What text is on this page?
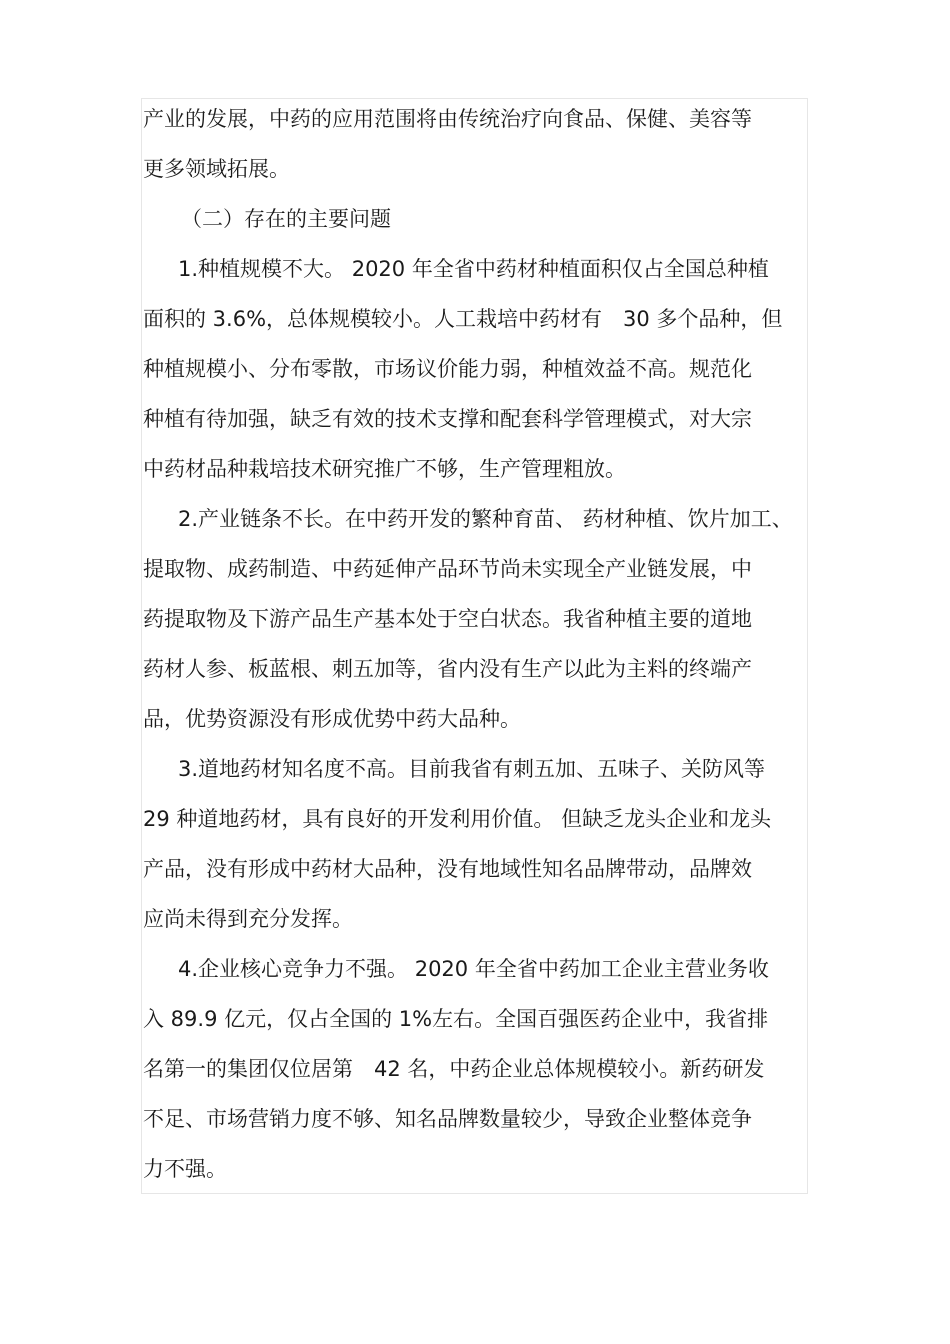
产业的发展，中药的应用范围将由传统治疗向食品、保健、美容等
更多领域拓展。
（二）存在的主要问题
1.种植规模不大。 2020 年全省中药材种植面积仅占全国总种植
面积的 3.6%，总体规模较小。人工栽培中药材有　30 多个品种，但
种植规模小、分布零散，市场议价能力弱，种植效益不高。规范化
种植有待加强，缺乏有效的技术支撑和配套科学管理模式，对大宗
中药材品种栽培技术研究推广不够，生产管理粗放。
2.产业链条不长。在中药开发的繁种育苗、 药材种植、饮片加工、
提取物、成药制造、中药延伸产品环节尚未实现全产业链发展，中
药提取物及下游产品生产基本处于空白状态。我省种植主要的道地
药材人参、板蓝根、刺五加等，省内没有生产以此为主料的终端产
品，优势资源没有形成优势中药大品种。
3.道地药材知名度不高。目前我省有刺五加、五味子、关防风等
29 种道地药材，具有良好的开发利用价值。 但缺乏龙头企业和龙头
产品，没有形成中药材大品种，没有地域性知名品牌带动，品牌效
应尚未得到充分发挥。
4.企业核心竞争力不强。 2020 年全省中药加工企业主营业务收
入 89.9 亿元，仅占全国的 1%左右。全国百强医药企业中，我省排
名第一的集团仅位居第　42 名，中药企业总体规模较小。新药研发
不足、市场营销力度不够、知名品牌数量较少，导致企业整体竞争
力不强。
